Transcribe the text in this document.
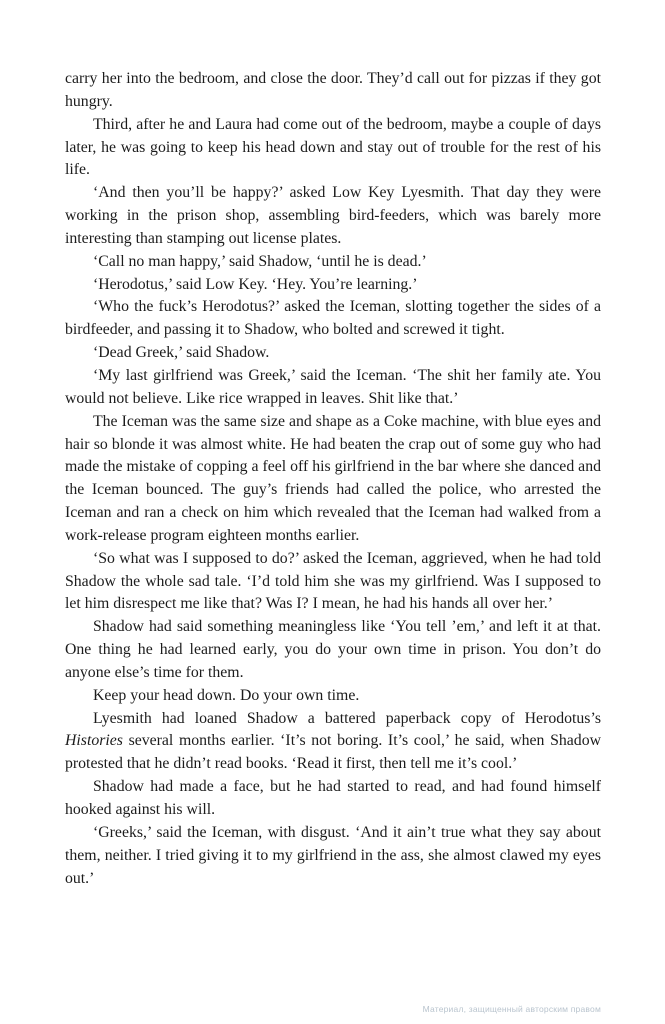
carry her into the bedroom, and close the door. They’d call out for pizzas if they got hungry.

Third, after he and Laura had come out of the bedroom, maybe a couple of days later, he was going to keep his head down and stay out of trouble for the rest of his life.

‘And then you’ll be happy?’ asked Low Key Lyesmith. That day they were working in the prison shop, assembling bird-feeders, which was barely more interesting than stamping out license plates.

‘Call no man happy,’ said Shadow, ‘until he is dead.’

‘Herodotus,’ said Low Key. ‘Hey. You’re learning.’

‘Who the fuck’s Herodotus?’ asked the Iceman, slotting together the sides of a birdfeeder, and passing it to Shadow, who bolted and screwed it tight.

‘Dead Greek,’ said Shadow.

‘My last girlfriend was Greek,’ said the Iceman. ‘The shit her family ate. You would not believe. Like rice wrapped in leaves. Shit like that.’

The Iceman was the same size and shape as a Coke machine, with blue eyes and hair so blonde it was almost white. He had beaten the crap out of some guy who had made the mistake of copping a feel off his girlfriend in the bar where she danced and the Iceman bounced. The guy’s friends had called the police, who arrested the Iceman and ran a check on him which revealed that the Iceman had walked from a work-release program eighteen months earlier.

‘So what was I supposed to do?’ asked the Iceman, aggrieved, when he had told Shadow the whole sad tale. ‘I’d told him she was my girlfriend. Was I supposed to let him disrespect me like that? Was I? I mean, he had his hands all over her.’

Shadow had said something meaningless like ‘You tell ’em,’ and left it at that. One thing he had learned early, you do your own time in prison. You don’t do anyone else’s time for them.

Keep your head down. Do your own time.

Lyesmith had loaned Shadow a battered paperback copy of Herodotus’s Histories several months earlier. ‘It’s not boring. It’s cool,’ he said, when Shadow protested that he didn’t read books. ‘Read it first, then tell me it’s cool.’

Shadow had made a face, but he had started to read, and had found himself hooked against his will.

‘Greeks,’ said the Iceman, with disgust. ‘And it ain’t true what they say about them, neither. I tried giving it to my girlfriend in the ass, she almost clawed my eyes out.’

Материал, защищенный авторским правом
